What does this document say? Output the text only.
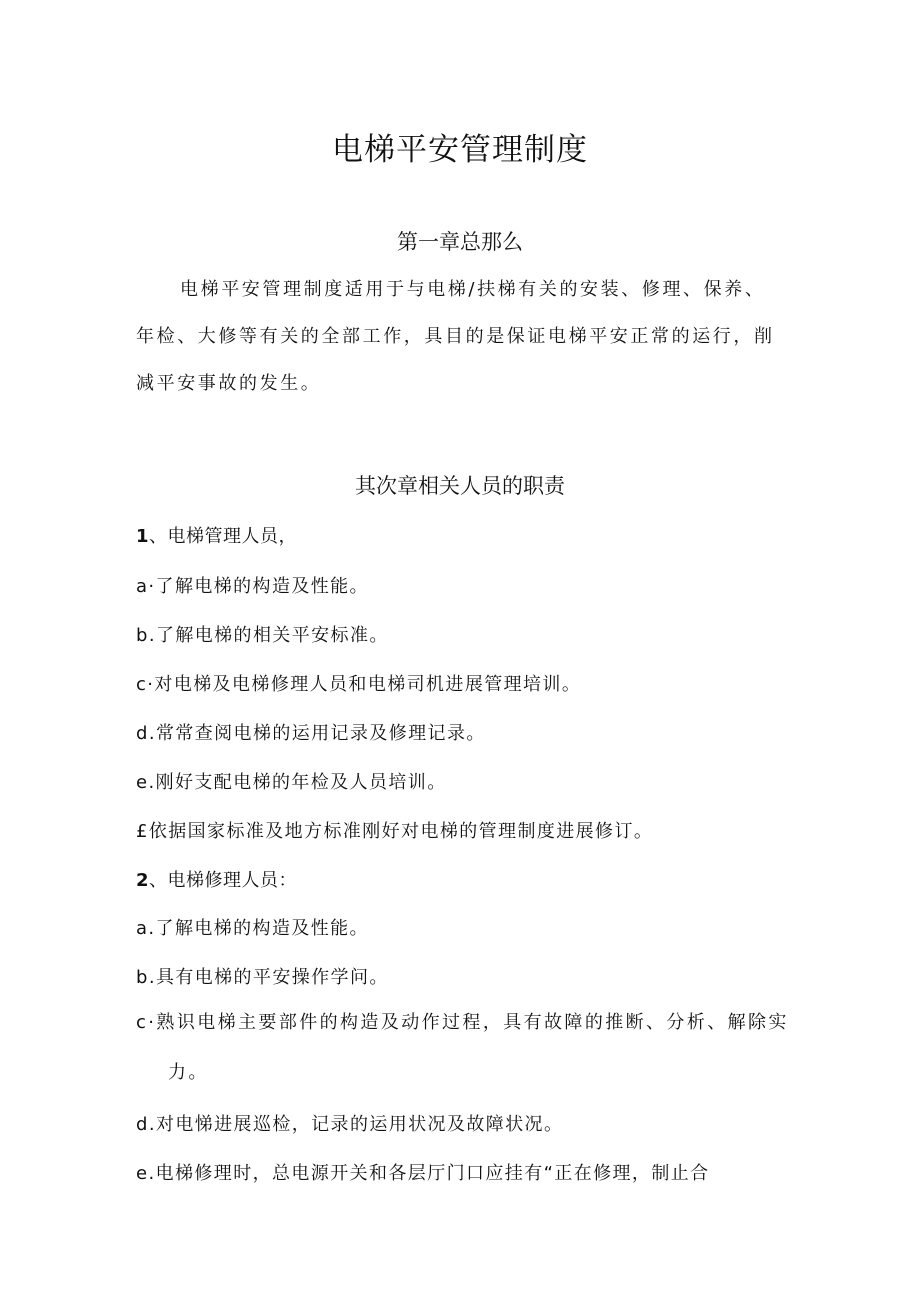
电梯平安管理制度
第一章总那么

电梯平安管理制度适用于与电梯/扶梯有关的安装、修理、保养、年检、大修等有关的全部工作，具目的是保证电梯平安正常的运行，削减平安事故的发生。

其次章相关人员的职责
1、电梯管理人员，
a·了解电梯的构造及性能。
b.了解电梯的相关平安标准。
c·对电梯及电梯修理人员和电梯司机进展管理培训。
d.常常查阅电梯的运用记录及修理记录。
e.刚好支配电梯的年检及人员培训。
£依据国家标准及地方标准刚好对电梯的管理制度进展修订。
2、电梯修理人员：
a.了解电梯的构造及性能。
b.具有电梯的平安操作学问。
c·熟识电梯主要部件的构造及动作过程，具有故障的推断、分析、解除实
力。
d.对电悌进展巡检，记录的运用状况及故障状况。
e.电梯修理时，总电源开关和各层厅门口应挂有“正在修理，制止合
